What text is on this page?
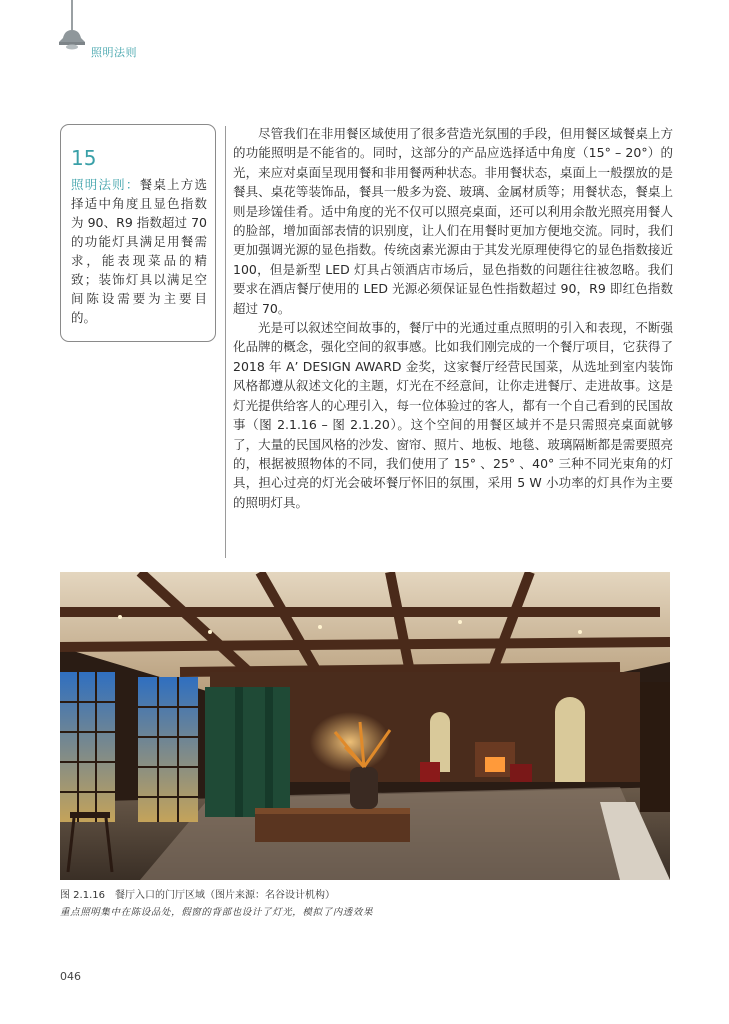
照明法则
15
照明法则：餐桌上方选择适中角度且显色指数为 90、R9 指数超过 70 的功能灯具满足用餐需求，能表现菜品的精致；装饰灯具以满足空间陈设需要为主要目的。

尽管我们在非用餐区域使用了很多营造光氛围的手段，但用餐区域餐桌上方的功能照明是不能省的。同时，这部分的产品应选择适中角度（15° – 20°）的光，来应对桌面呈现用餐和非用餐两种状态。非用餐状态，桌面上一般摆放的是餐具、桌花等装饰品，餐具一般多为瓷、玻璃、金属材质等；用餐状态，餐桌上则是珍馐佳肴。适中角度的光不仅可以照亮桌面，还可以利用余散光照亮用餐人的脸部，增加面部表情的识别度，让人们在用餐时更加方便地交流。同时，我们更加强调光源的显色指数。传统卤素光源由于其发光原理使得它的显色指数接近 100，但是新型 LED 灯具占领酒店市场后，显色指数的问题往往被忽略。我们要求在酒店餐厅使用的 LED 光源必须保证显色性指数超过 90，R9 即红色指数超过 70。

光是可以叙述空间故事的，餐厅中的光通过重点照明的引入和表现，不断强化品牌的概念，强化空间的叙事感。比如我们刚完成的一个餐厅项目，它获得了 2018 年 A’ DESIGN AWARD 金奖，这家餐厅经营民国菜，从选址到室内装饰风格都遵从叙述文化的主题，灯光在不经意间，让你走进餐厅、走进故事。这是灯光提供给客人的心理引入，每一位体验过的客人，都有一个自己看到的民国故事（图 2.1.16 – 图 2.1.20）。这个空间的用餐区域并不是只需照亮桌面就够了，大量的民国风格的沙发、窗帘、照片、地板、地毯、玻璃隔断都是需要照亮的，根据被照物体的不同，我们使用了 15° 、25° 、40° 三种不同光束角的灯具，担心过亮的灯光会破坏餐厅怀旧的氛围，采用 5 W 小功率的灯具作为主要的照明灯具。

图 2.1.16　餐厅入口的门厅区域（图片来源：名谷设计机构）
重点照明集中在陈设品处，假窗的背部也设计了灯光，模拟了内透效果
046
